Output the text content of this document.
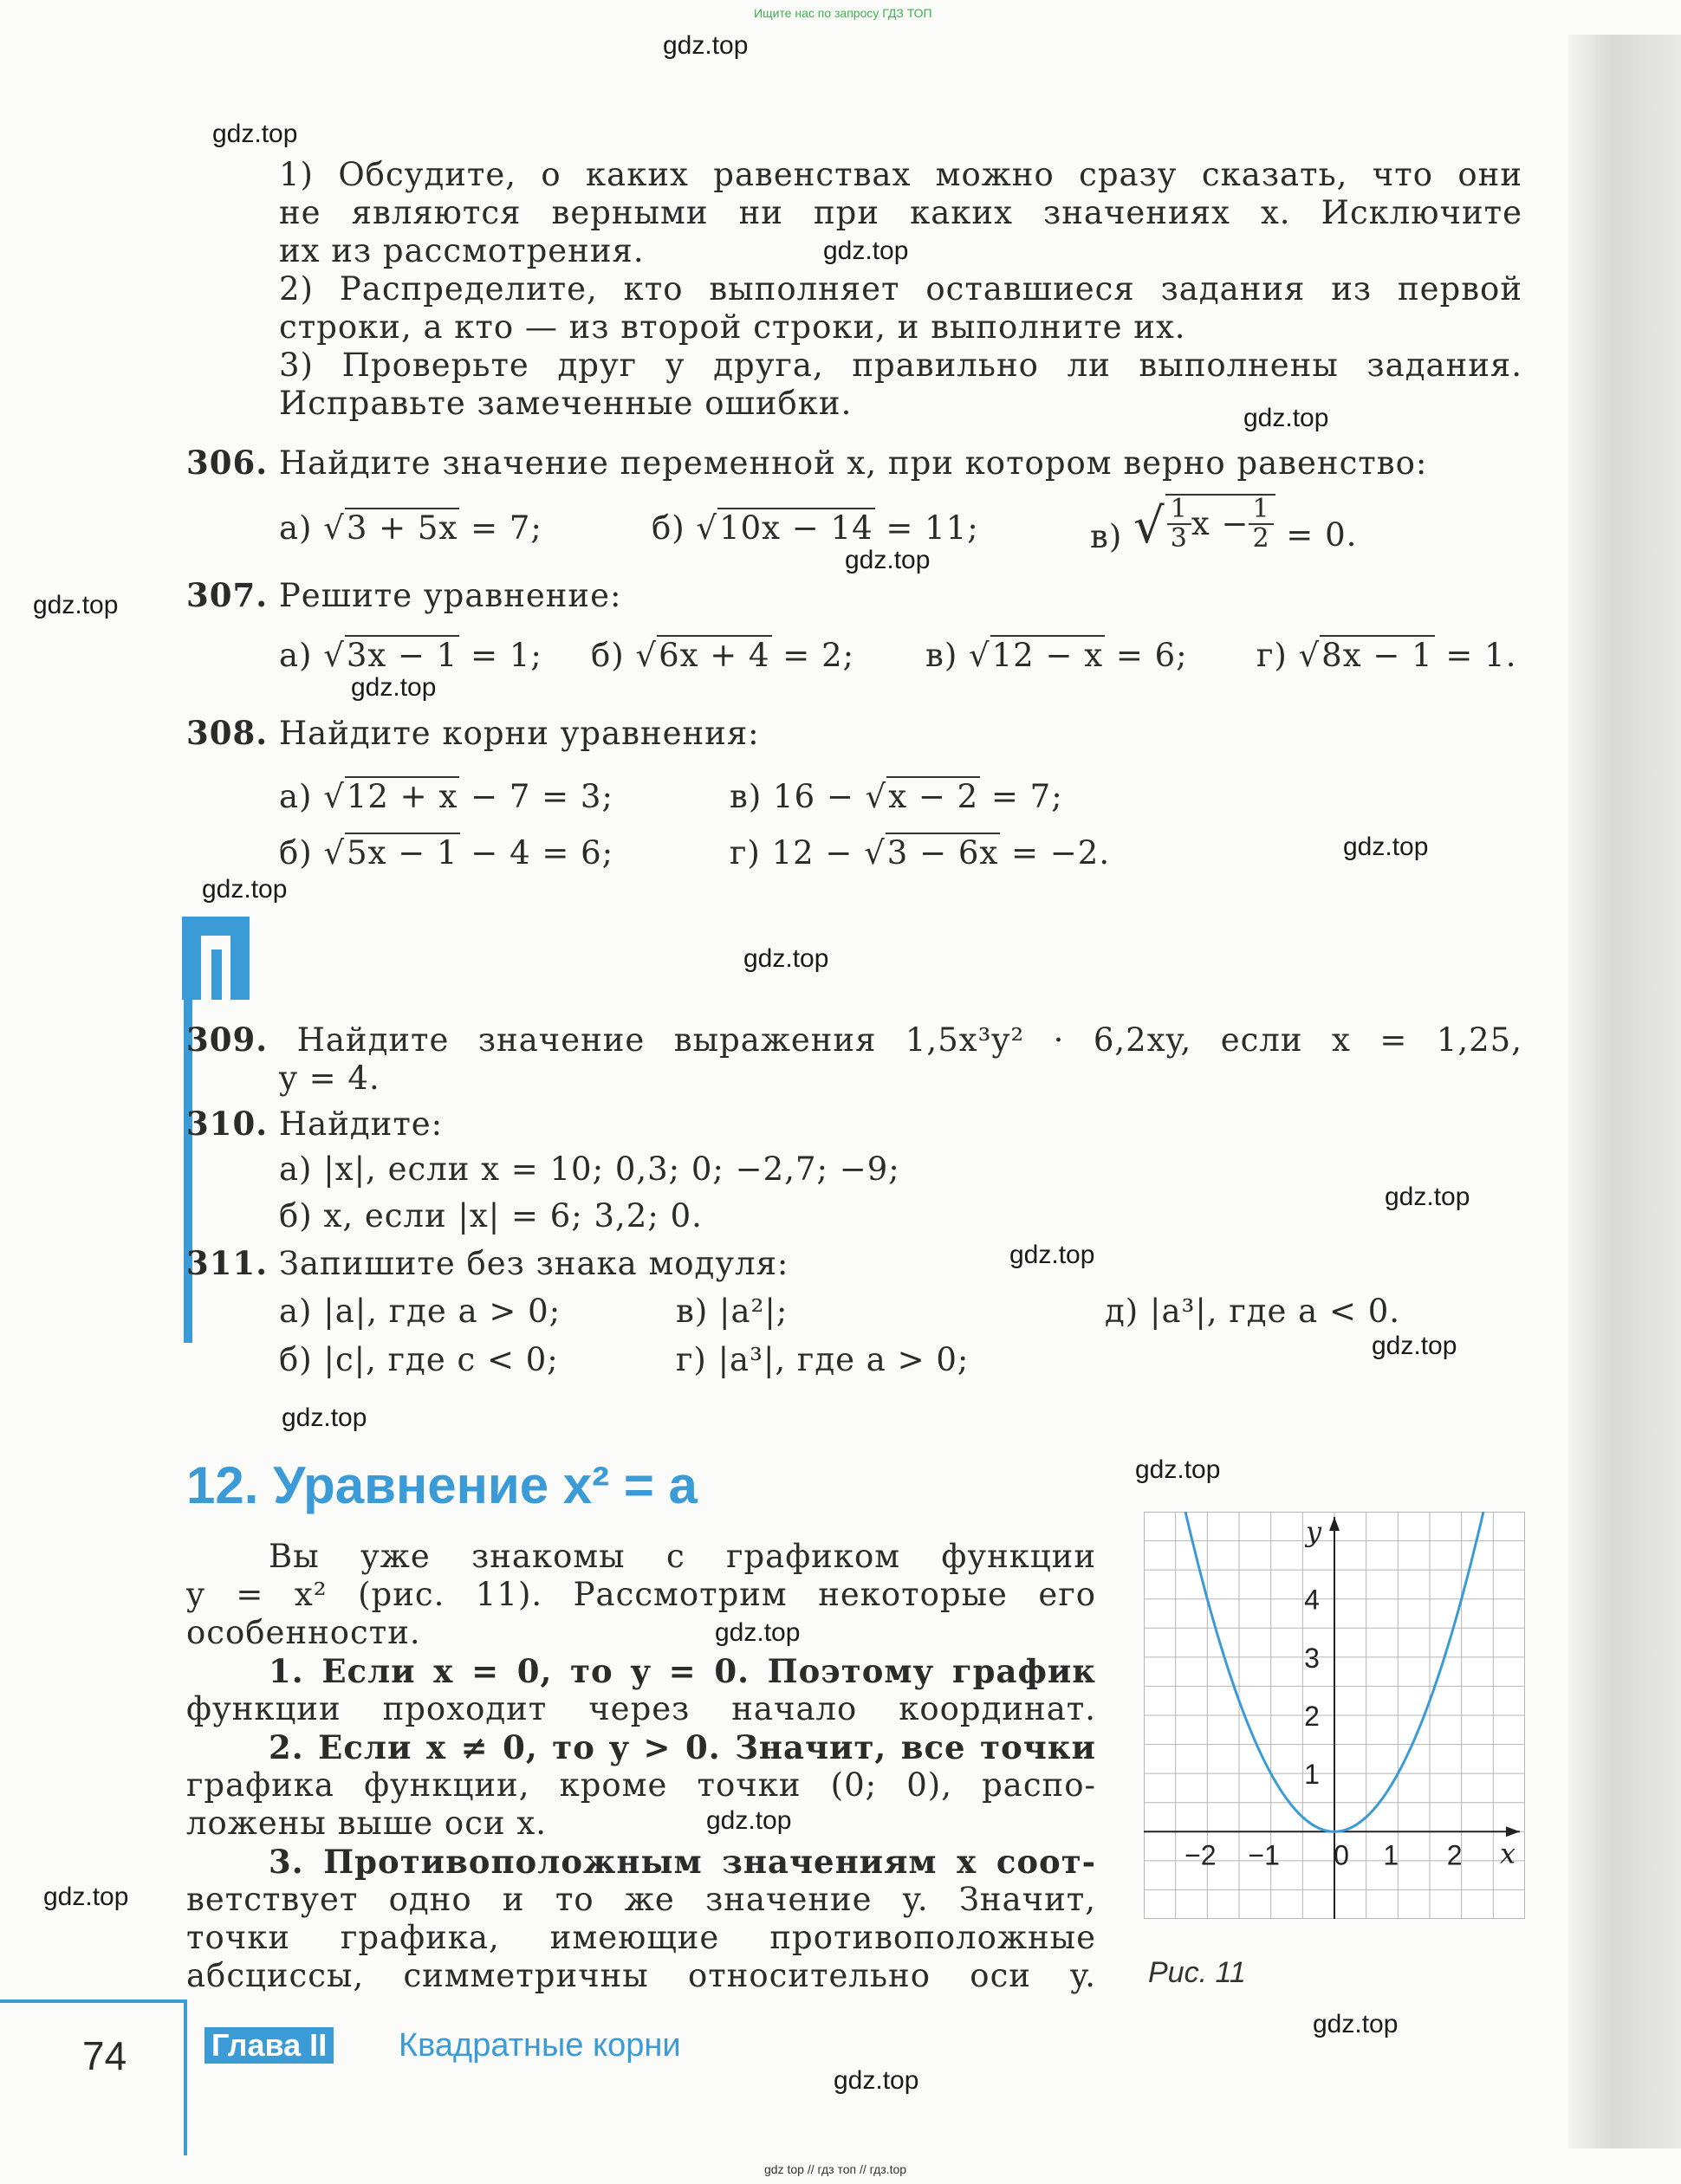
Ищите нас по запросу ГДЗ ТОП
gdz.top
gdz.top
gdz.top
gdz.top
gdz.top
gdz.top
gdz.top
gdz.top
gdz.top
gdz.top
gdz.top
gdz.top
gdz.top
gdz.top
gdz.top
gdz.top
gdz.top
gdz.top
gdz.top
gdz.top
gdz top // гдз топ // гдз.top
1) Обсудите, о каких равенствах можно сразу сказать, что они
не являются верными ни при каких значениях x. Исключите
их из рассмотрения.
2) Распределите, кто выполняет оставшиеся задания из первой
строки, а кто — из второй строки, и выполните их.
3) Проверьте друг у друга, правильно ли выполнены задания.
Исправьте замеченные ошибки.
306. Найдите значение переменной x, при котором верно равенство:
а) √3 + 5x = 7;	б) √10x − 14 = 11;	в) √ $\frac{1}{3}$ $x - \frac{1}{2} = 0$.
307. Решите уравнение:
а) √3x − 1 = 1; б) √6x + 4 = 2; в) √12 − x = 6; г) √8x − 1 = 1.
308. Найдите корни уравнения:
а) √12 + x − 7 = 3;
б) √5x − 1 − 4 = 6;
в) 16 − √x − 2 = 7;
г) 12 − √3 − 6x = −2.
309. Найдите значение выражения 1,5x³y² · 6,2xy, если x = 1,25,
y = 4.
310. Найдите:
а) |x|, если x = 10; 0,3; 0; −2,7; −9;
б) x, если |x| = 6; 3,2; 0.
311. Запишите без знака модуля:
а) |a|, где a > 0;	в) |a²|;	д) |a³|, где a < 0.
б) |c|, где c < 0;	г) |a³|, где a > 0;
12. Уравнение x² = a
Вы уже знакомы с графиком функции
y = x² (рис. 11). Рассмотрим некоторые его
особенности.
1. Если x = 0, то y = 0. Поэтому график
функции проходит через начало координат.
2. Если x ≠ 0, то y > 0. Значит, все точки
графика функции, кроме точки (0; 0), распо-
ложены выше оси x.
3. Противоположным значениям x соот-
ветствует одно и то же значение y. Значит,
точки графика, имеющие противоположные
абсциссы, симметричны относительно оси y.
−2 −1 0 1 2
1
2
3
4
x
y
Рис. 11
74	Глава II Квадратные корни
